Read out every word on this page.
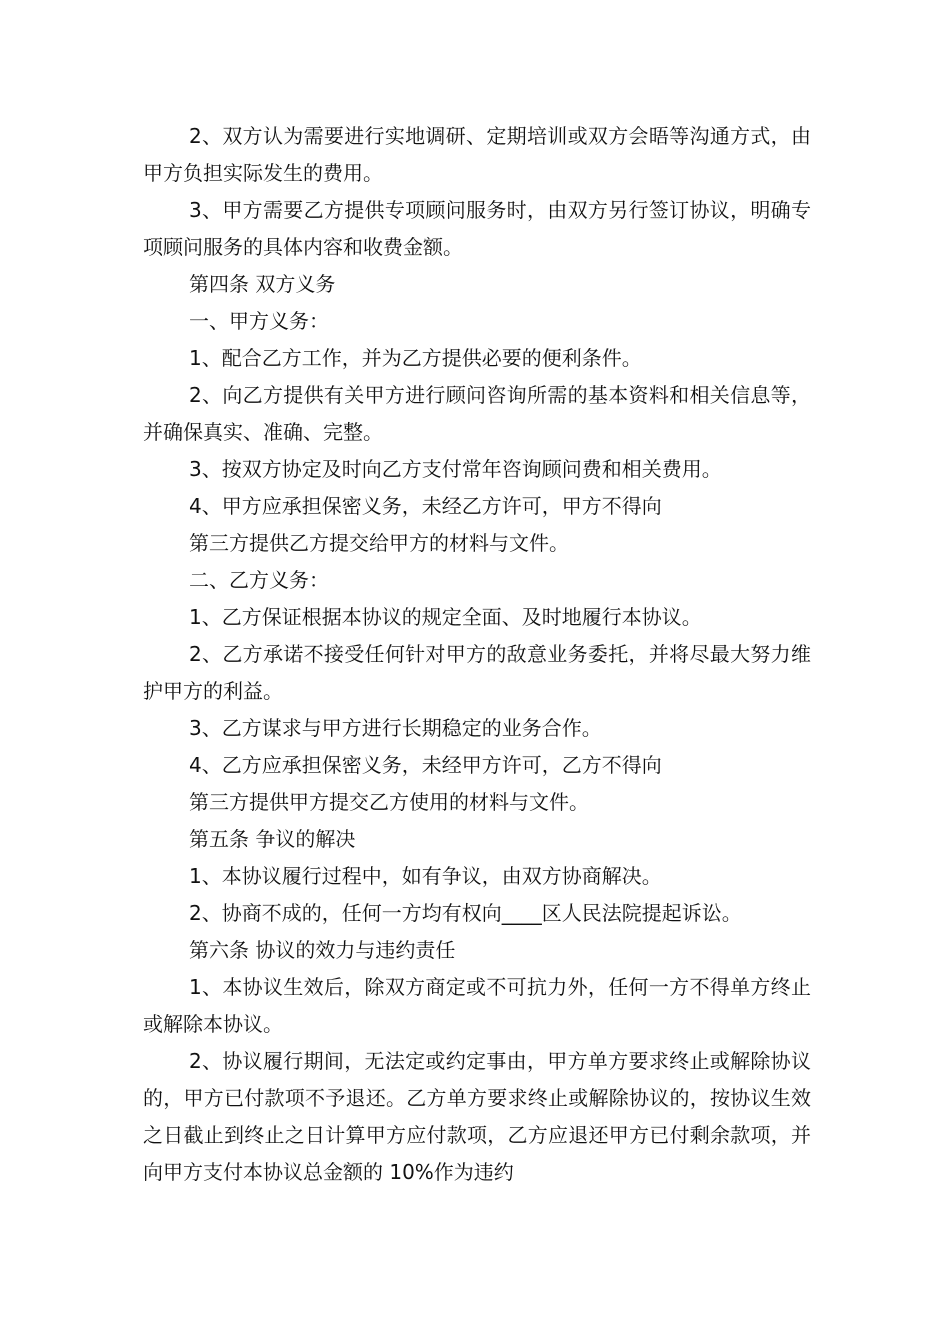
2、双方认为需要进行实地调研、定期培训或双方会晤等沟通方式，由甲方负担实际发生的费用。

3、甲方需要乙方提供专项顾问服务时，由双方另行签订协议，明确专项顾问服务的具体内容和收费金额。

第四条 双方义务

一、甲方义务：

1、配合乙方工作，并为乙方提供必要的便利条件。

2、向乙方提供有关甲方进行顾问咨询所需的基本资料和相关信息等，并确保真实、准确、完整。

3、按双方协定及时向乙方支付常年咨询顾问费和相关费用。

4、甲方应承担保密义务，未经乙方许可，甲方不得向

第三方提供乙方提交给甲方的材料与文件。

二、乙方义务：

1、乙方保证根据本协议的规定全面、及时地履行本协议。

2、乙方承诺不接受任何针对甲方的敌意业务委托，并将尽最大努力维护甲方的利益。

3、乙方谋求与甲方进行长期稳定的业务合作。

4、乙方应承担保密义务，未经甲方许可，乙方不得向

第三方提供甲方提交乙方使用的材料与文件。

第五条 争议的解决

1、本协议履行过程中，如有争议，由双方协商解决。

2、协商不成的，任何一方均有权向____区人民法院提起诉讼。

第六条 协议的效力与违约责任

1、本协议生效后，除双方商定或不可抗力外，任何一方不得单方终止或解除本协议。

2、协议履行期间，无法定或约定事由，甲方单方要求终止或解除协议的，甲方已付款项不予退还。乙方单方要求终止或解除协议的，按协议生效之日截止到终止之日计算甲方应付款项，乙方应退还甲方已付剩余款项，并向甲方支付本协议总金额的 10%作为违约
